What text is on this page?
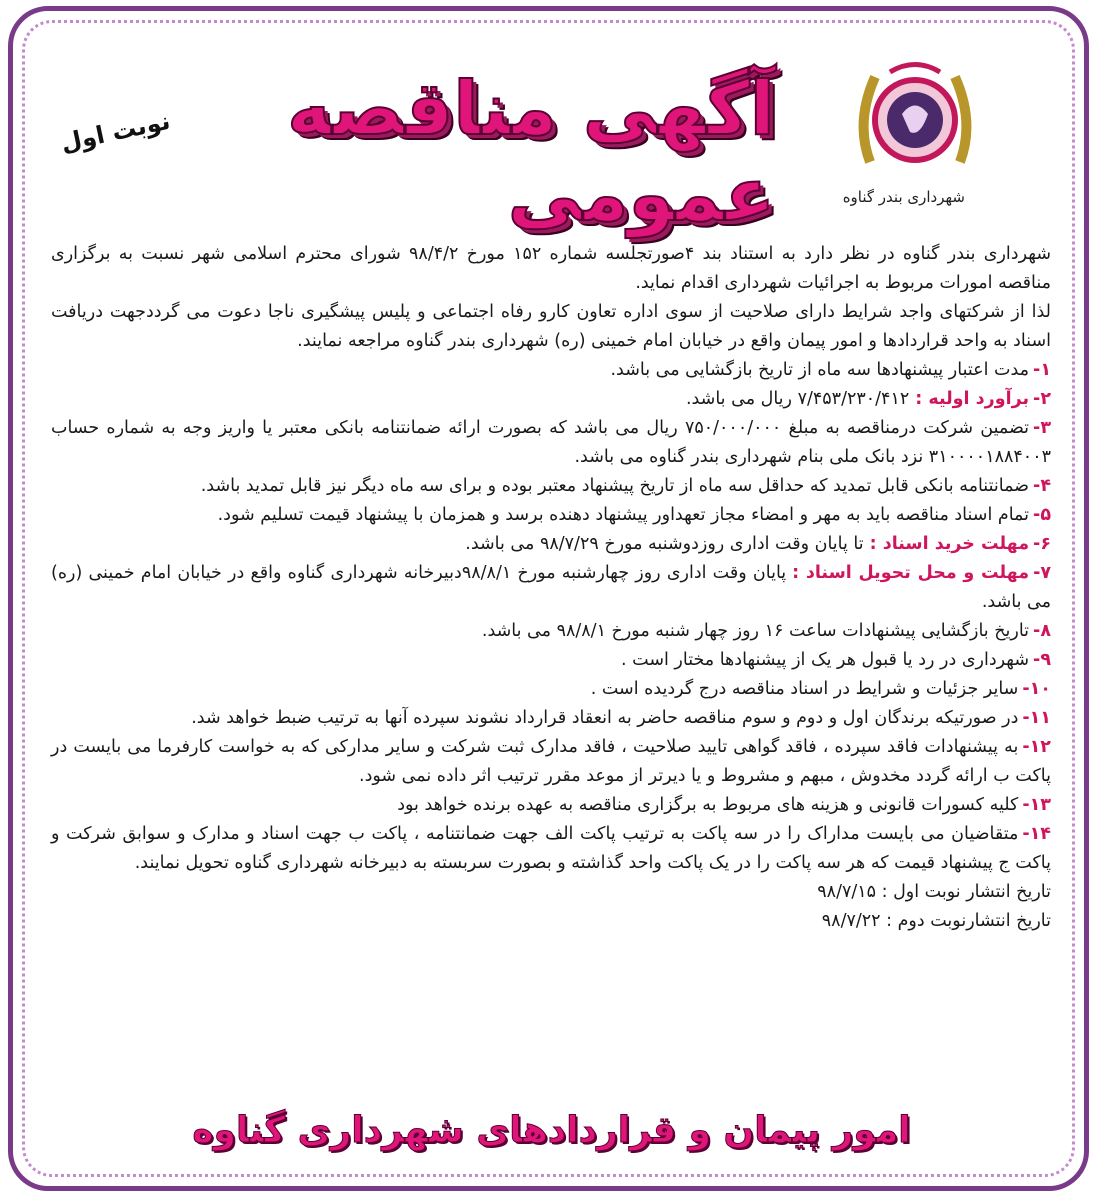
شهرداری بندر گناوه
آگهی مناقصه عمومی
نوبت اول

شهرداری بندر گناوه در نظر دارد به استناد بند ۴صورتجلسه شماره ۱۵۲ مورخ ۹۸/۴/۲ شورای محترم اسلامی شهر نسبت به برگزاری مناقصه امورات مربوط به اجرائیات شهرداری اقدام نماید.

لذا از شرکتهای واجد شرایط دارای صلاحیت از سوی اداره تعاون کارو رفاه اجتماعی و پلیس پیشگیری ناجا دعوت می گرددجهت دریافت اسناد به واحد قراردادها و امور پیمان واقع در خیابان امام خمینی (ره) شهرداری بندر گناوه مراجعه نمایند.

۱-مدت اعتبار پیشنهادها سه ماه از تاریخ بازگشایی می باشد.

۲-برآورد اولیه :۷/۴۵۳/۲۳۰/۴۱۲ ریال می باشد.

۳-تضمین شرکت درمناقصه به مبلغ ۷۵۰/۰۰۰/۰۰۰ ریال می باشد که بصورت ارائه ضمانتنامه بانکی معتبر یا واریز وجه به شماره حساب ۳۱۰۰۰۰۱۸۸۴۰۰۳ نزد بانک ملی بنام شهرداری بندر گناوه می باشد.

۴-ضمانتنامه بانکی قابل تمدید که حداقل سه ماه از تاریخ پیشنهاد معتبر بوده و برای سه ماه دیگر نیز قابل تمدید باشد.

۵-تمام اسناد مناقصه باید به مهر و امضاء مجاز تعهداور پیشنهاد دهنده برسد و همزمان با پیشنهاد قیمت تسلیم شود.

۶-مهلت خرید اسناد :تا پایان وقت اداری روزدوشنبه مورخ ۹۸/۷/۲۹ می باشد.

۷-مهلت و محل تحویل اسناد :پایان وقت اداری روز چهارشنبه مورخ ۹۸/۸/۱دبیرخانه شهرداری گناوه واقع در خیابان امام خمینی (ره) می باشد.

۸-تاریخ بازگشایی پیشنهادات ساعت ۱۶ روز چهار شنبه مورخ ۹۸/۸/۱ می باشد.

۹-شهرداری در رد یا قبول هر یک از پیشنهادها مختار است .

۱۰-سایر جزئیات و شرایط در اسناد مناقصه درج گردیده است .

۱۱-در صورتیکه برندگان اول و دوم و سوم مناقصه حاضر به انعقاد قرارداد نشوند سپرده آنها به ترتیب ضبط خواهد شد.

۱۲-به پیشنهادات فاقد سپرده ، فاقد گواهی تایید صلاحیت ، فاقد مدارک ثبت شرکت و سایر مدارکی که به خواست کارفرما می بایست در پاکت ب ارائه گردد مخدوش ، مبهم و مشروط و یا دیرتر از موعد مقرر ترتیب اثر داده نمی شود.

۱۳-کلیه کسورات قانونی و هزینه های مربوط به برگزاری مناقصه به عهده برنده خواهد بود

۱۴-متقاضیان می بایست مداراک را در سه پاکت به ترتیب پاکت الف جهت ضمانتنامه ، پاکت ب جهت اسناد و مدارک و سوابق شرکت و پاکت ج پیشنهاد قیمت که هر سه پاکت را در یک پاکت واحد گذاشته و بصورت سربسته به دبیرخانه شهرداری گناوه تحویل نمایند.

تاریخ انتشار نوبت اول : ۹۸/۷/۱۵

تاریخ انتشارنوبت دوم : ۹۸/۷/۲۲

امور پیمان و قراردادهای شهرداری گناوه
